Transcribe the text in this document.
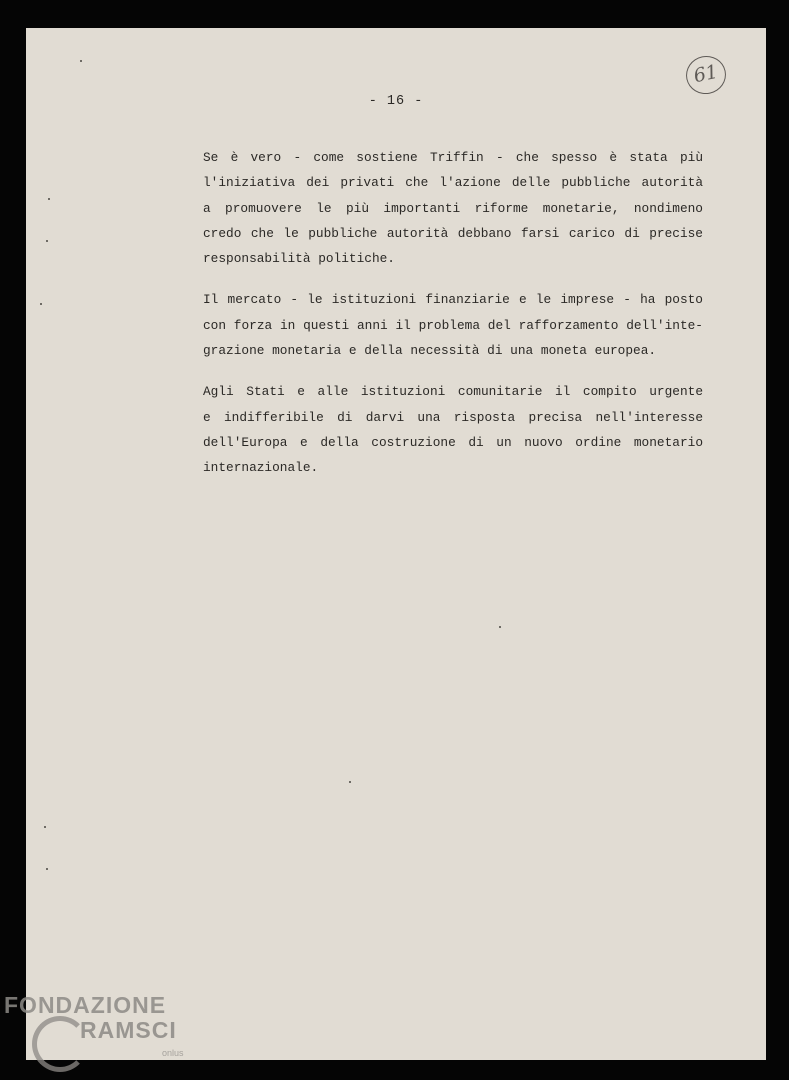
61
- 16 -

Se è vero - come sostiene Triffin - che spesso è stata più
l'iniziativa dei privati che l'azione delle pubbliche autorità
a promuovere le più importanti riforme monetarie, nondimeno
credo che le pubbliche autorità debbano farsi carico di precise
responsabilità politiche.

Il mercato - le istituzioni finanziarie e le imprese - ha posto
con forza in questi anni il problema del rafforzamento dell'inte-
grazione monetaria e della necessità di una moneta europea.

Agli Stati e alle istituzioni comunitarie il compito urgente
e indifferibile di darvi una risposta precisa nell'interesse
dell'Europa e della costruzione di un nuovo ordine monetario
internazionale.

FONDAZIONE
RAMSCI
onlus
